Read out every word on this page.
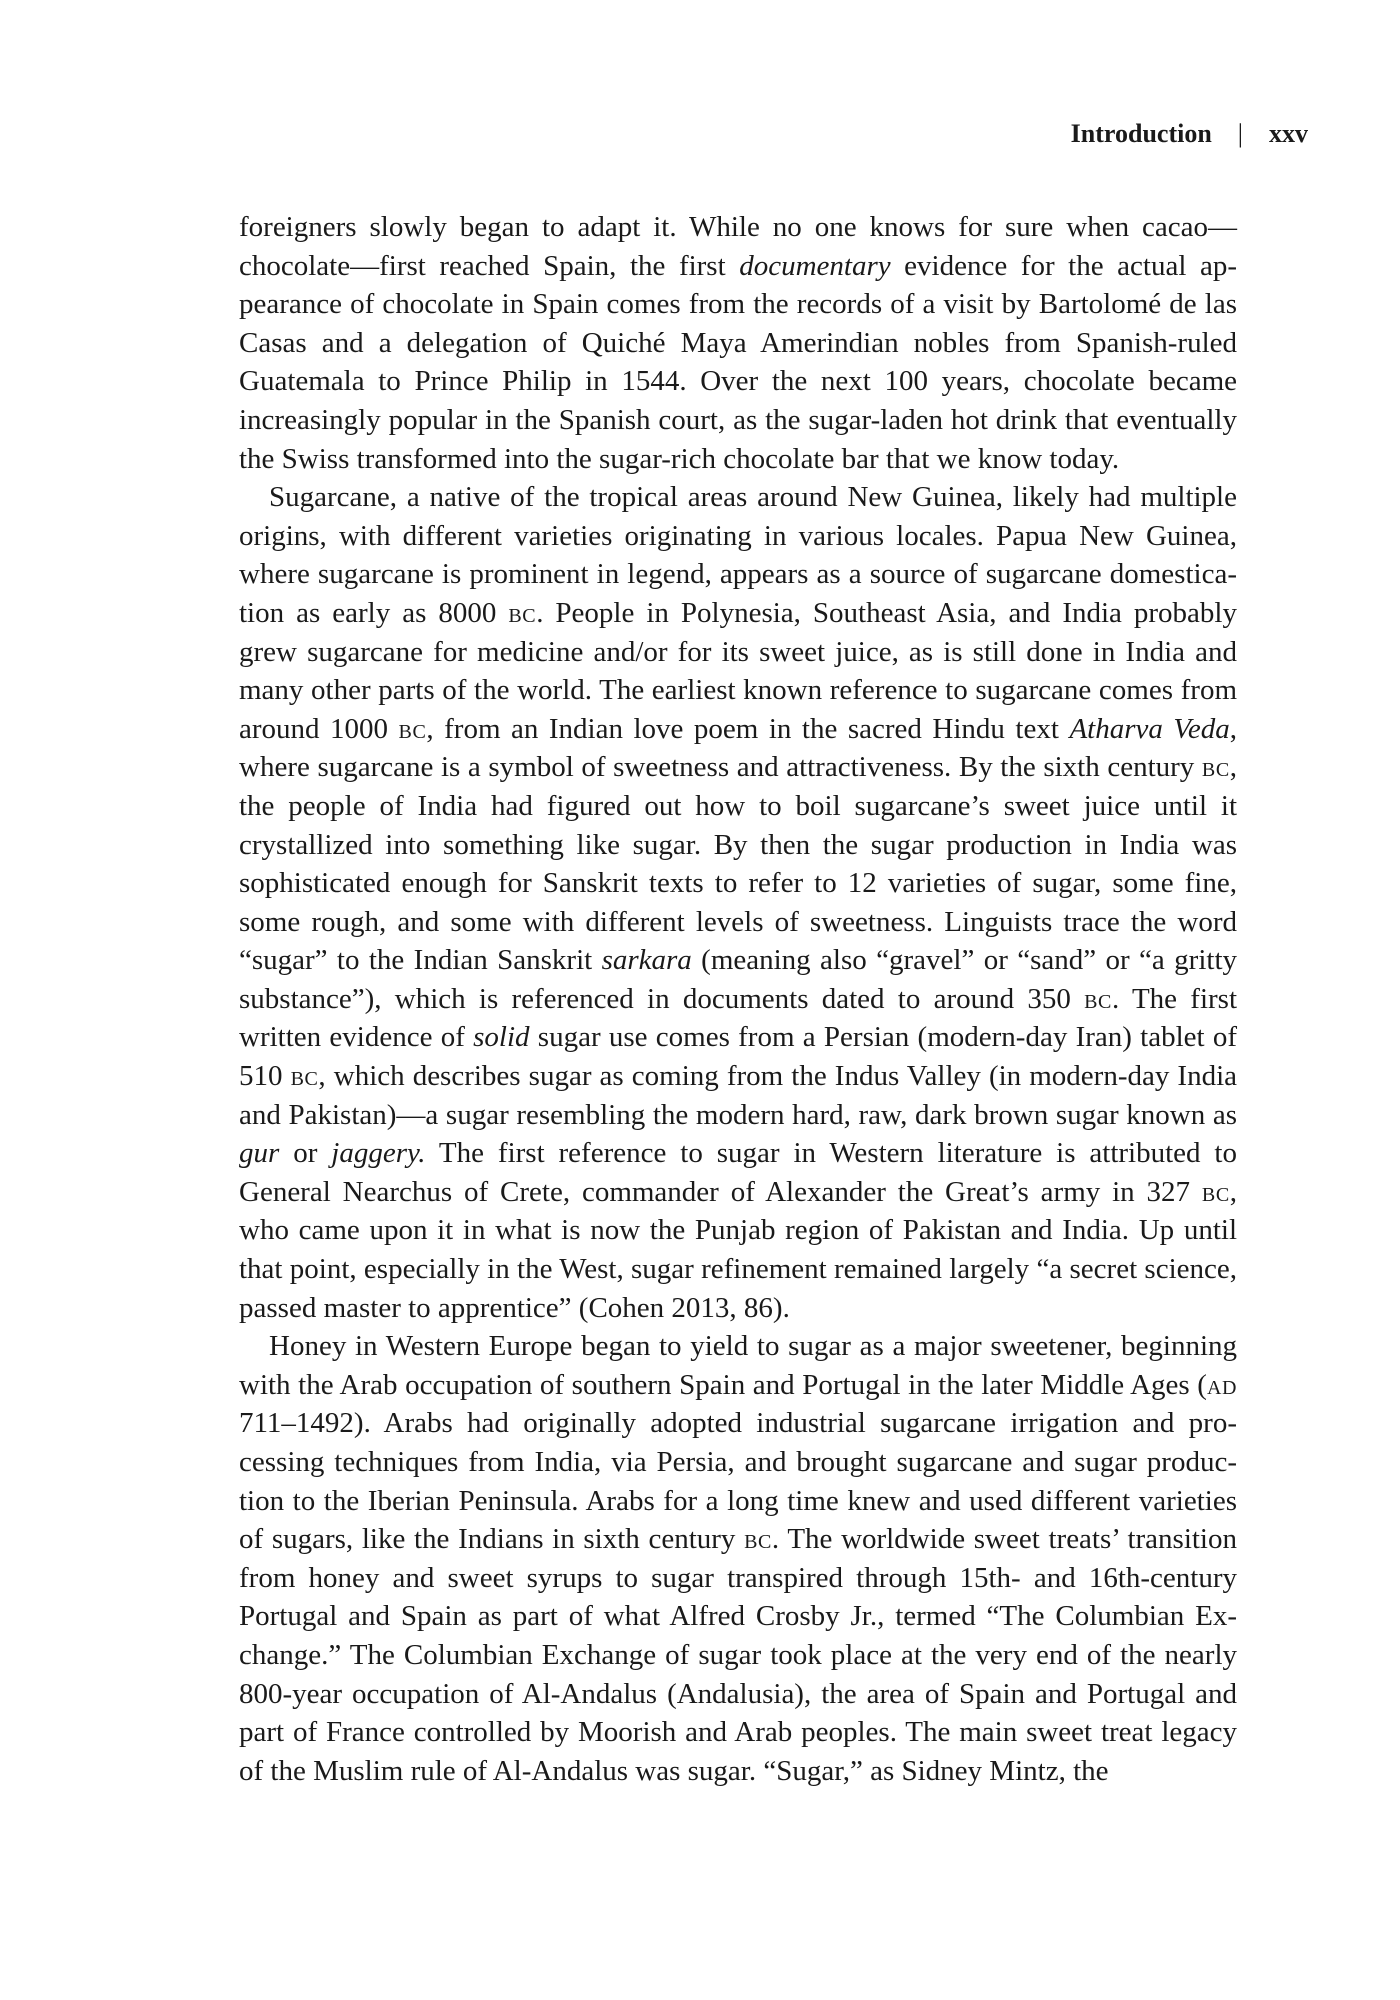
Introduction | xxv

foreigners slowly began to adapt it. While no one knows for sure when cacao—chocolate—first reached Spain, the first documentary evidence for the actual appearance of chocolate in Spain comes from the records of a visit by Bartolomé de las Casas and a delegation of Quiché Maya Amerindian nobles from Spanish-ruled Guatemala to Prince Philip in 1544. Over the next 100 years, chocolate became increasingly popular in the Spanish court, as the sugar-laden hot drink that eventually the Swiss transformed into the sugar-rich chocolate bar that we know today.

Sugarcane, a native of the tropical areas around New Guinea, likely had multiple origins, with different varieties originating in various locales. Papua New Guinea, where sugarcane is prominent in legend, appears as a source of sugarcane domestication as early as 8000 bc. People in Polynesia, Southeast Asia, and India probably grew sugarcane for medicine and/or for its sweet juice, as is still done in India and many other parts of the world. The earliest known reference to sugarcane comes from around 1000 bc, from an Indian love poem in the sacred Hindu text Atharva Veda, where sugarcane is a symbol of sweetness and attractiveness. By the sixth century bc, the people of India had figured out how to boil sugarcane’s sweet juice until it crystallized into something like sugar. By then the sugar production in India was sophisticated enough for Sanskrit texts to refer to 12 varieties of sugar, some fine, some rough, and some with different levels of sweetness. Linguists trace the word “sugar” to the Indian Sanskrit sarkara (meaning also “gravel” or “sand” or “a gritty substance”), which is referenced in documents dated to around 350 bc. The first written evidence of solid sugar use comes from a Persian (modern-day Iran) tablet of 510 bc, which describes sugar as coming from the Indus Valley (in modern-day India and Pakistan)—a sugar resembling the modern hard, raw, dark brown sugar known as gur or jaggery. The first reference to sugar in Western literature is attributed to General Nearchus of Crete, commander of Alexander the Great’s army in 327 bc, who came upon it in what is now the Punjab region of Pakistan and India. Up until that point, especially in the West, sugar refinement remained largely “a secret science, passed master to apprentice” (Cohen 2013, 86).

Honey in Western Europe began to yield to sugar as a major sweetener, beginning with the Arab occupation of southern Spain and Portugal in the later Middle Ages (ad 711–1492). Arabs had originally adopted industrial sugarcane irrigation and processing techniques from India, via Persia, and brought sugarcane and sugar production to the Iberian Peninsula. Arabs for a long time knew and used different varieties of sugars, like the Indians in sixth century bc. The worldwide sweet treats’ transition from honey and sweet syrups to sugar transpired through 15th- and 16th-century Portugal and Spain as part of what Alfred Crosby Jr., termed “The Columbian Exchange.” The Columbian Exchange of sugar took place at the very end of the nearly 800-year occupation of Al-Andalus (Andalusia), the area of Spain and Portugal and part of France controlled by Moorish and Arab peoples. The main sweet treat legacy of the Muslim rule of Al-Andalus was sugar. “Sugar,” as Sidney Mintz, the
